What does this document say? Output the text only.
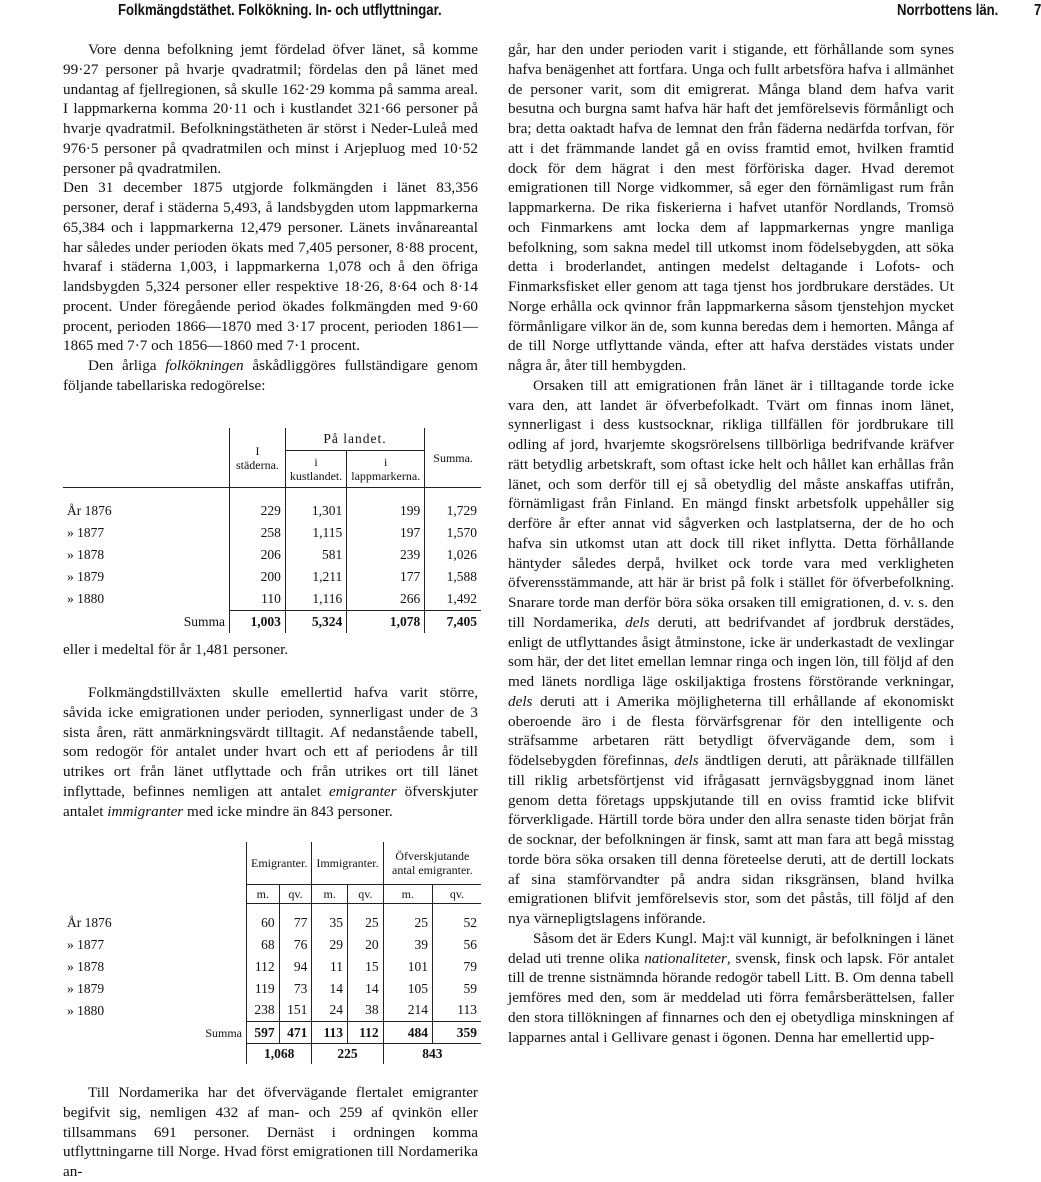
Folkmängdstäthet. Folkökning. In- och utflyttningar.	Norrbottens län. 7

Vore denna befolkning jemt fördelad öfver länet, så komme 99·27 personer på hvarje qvadratmil; fördelas den på länet med undantag af fjellregionen, så skulle 162·29 komma på samma areal. I lappmarkerna komma 20·11 och i kustlandet 321·66 personer på hvarje qvadratmil. Befolkningstätheten är störst i Neder-Luleå med 976·5 personer på qvadratmilen och minst i Arjepluog med 10·52 personer på qvadratmilen.

Den 31 december 1875 utgjorde folkmängden i länet 83,356 personer, deraf i städerna 5,493, å landsbygden utom lappmarkerna 65,384 och i lappmarkerna 12,479 personer. Länets invånareantal har således under perioden ökats med 7,405 personer, 8·88 procent, hvaraf i städerna 1,003, i lappmarkerna 1,078 och å den öfriga landsbygden 5,324 personer eller respektive 18·26, 8·64 och 8·14 procent. Under föregående period ökades folkmängden med 9·60 procent, perioden 1866—1870 med 3·17 procent, perioden 1861—1865 med 7·7 och 1856—1860 med 7·1 procent.

Den årliga folkökningen åskådliggöres fullständigare genom följande tabellariska redogörelse:

	I städerna.	På landet.		Summa.
		i kustlandet.	i lappmarkerna.	

År 1876	229	1,301	199	1,729
» 1877	258	1,115	197	1,570
» 1878	206	581	239	1,026
» 1879	200	1,211	177	1,588
» 1880	110	1,116	266	1,492
Summa	1,003	5,324	1,078	7,405
eller i medeltal för år 1,481 personer.

Folkmängdstillväxten skulle emellertid hafva varit större, såvida icke emigrationen under perioden, synnerligast under de 3 sista åren, rätt anmärkningsvärdt tilltagit. Af nedanstående tabell, som redogör för antalet under hvart och ett af periodens år till utrikes ort från länet utflyttade och från utrikes ort till länet inflyttade, befinnes nemligen att antalet emigranter öfverskjuter antalet immigranter med icke mindre än 843 personer.

	Emigranter.		Immigranter.		Öfverskjutande antal emigranter.	
	m.	qv.	m.	qv.	m.	qv.

År 1876	60	77	35	25	25	52
» 1877	68	76	29	20	39	56
» 1878	112	94	11	15	101	79
» 1879	119	73	14	14	105	59
» 1880	238	151	24	38	214	113
Summa	597	471	113	112	484	359
	1,068		225		843	

Till Nordamerika har det öfvervägande flertalet emigranter begifvit sig, nemligen 432 af man- och 259 af qvinkön eller tillsammans 691 personer. Dernäst i ordningen komma utflyttningarne till Norge. Hvad först emigrationen till Nordamerika an-

går, har den under perioden varit i stigande, ett förhållande som synes hafva benägenhet att fortfara. Unga och fullt arbetsföra hafva i allmänhet de personer varit, som dit emigrerat. Många bland dem hafva varit besutna och burgna samt hafva här haft det jemförelsevis förmånligt och bra; detta oaktadt hafva de lemnat den från fäderna nedärfda torfvan, för att i det främmande landet gå en oviss framtid emot, hvilken framtid dock för dem hägrat i den mest förföriska dager. Hvad deremot emigrationen till Norge vidkommer, så eger den förnämligast rum från lappmarkerna. De rika fiskerierna i hafvet utanför Nordlands, Tromsö och Finmarkens amt locka dem af lappmarkernas yngre manliga befolkning, som sakna medel till utkomst inom födelsebygden, att söka detta i broderlandet, antingen medelst deltagande i Lofots- och Finmarksfisket eller genom att taga tjenst hos jordbrukare derstädes. Ut Norge erhålla ock qvinnor från lappmarkerna såsom tjenstehjon mycket förmånligare vilkor än de, som kunna beredas dem i hemorten. Många af de till Norge utflyttande vända, efter att hafva derstädes vistats under några år, åter till hembygden.

Orsaken till att emigrationen från länet är i tilltagande torde icke vara den, att landet är öfverbefolkadt. Tvärt om finnas inom länet, synnerligast i dess kustsocknar, rikliga tillfällen för jordbrukare till odling af jord, hvarjemte skogsrörelsens tillbörliga bedrifvande kräfver rätt betydlig arbetskraft, som oftast icke helt och hållet kan erhållas från länet, och som derför till ej så obetydlig del måste anskaffas utifrån, förnämligast från Finland. En mängd finskt arbetsfolk uppehåller sig derföre år efter annat vid sågverken och lastplatserna, der de ho och hafva sin utkomst utan att dock till riket inflytta. Detta förhållande häntyder således derpå, hvilket ock torde vara med verkligheten öfverensstämmande, att här är brist på folk i stället för öfverbefolkning. Snarare torde man derför böra söka orsaken till emigrationen, d. v. s. den till Nordamerika, dels deruti, att bedrifvandet af jordbruk derstädes, enligt de utflyttandes åsigt åtminstone, icke är underkastadt de vexlingar som här, der det litet emellan lemnar ringa och ingen lön, till följd af den med länets nordliga läge oskiljaktiga frostens förstörande verkningar, dels deruti att i Amerika möjligheterna till erhållande af ekonomiskt oberoende äro i de flesta förvärfsgrenar för den intelligente och sträfsamme arbetaren rätt betydligt öfvervägande dem, som i födelsebygden förefinnas, dels ändtligen deruti, att påräknade tillfällen till riklig arbetsförtjenst vid ifrågasatt jernvägsbyggnad inom länet genom detta företags uppskjutande till en oviss framtid icke blifvit förverkligade. Härtill torde böra under den allra senaste tiden börjat från de socknar, der befolkningen är finsk, samt att man fara att begå misstag torde böra söka orsaken till denna företeelse deruti, att de dertill lockats af sina stamförvandter på andra sidan riksgränsen, bland hvilka emigrationen blifvit jemförelsevis stor, som det påstås, till följd af den nya värnepligtslagens införande.

Såsom det är Eders Kungl. Maj:t väl kunnigt, är befolkningen i länet delad uti trenne olika nationaliteter, svensk, finsk och lapsk. För antalet till de trenne sistnämnda hörande redogör tabell Litt. B. Om denna tabell jemföres med den, som är meddelad uti förra femårsberättelsen, faller den stora tillökningen af finnarnes och den ej obetydliga minskningen af lapparnes antal i Gellivare genast i ögonen. Denna har emellertid upp-
